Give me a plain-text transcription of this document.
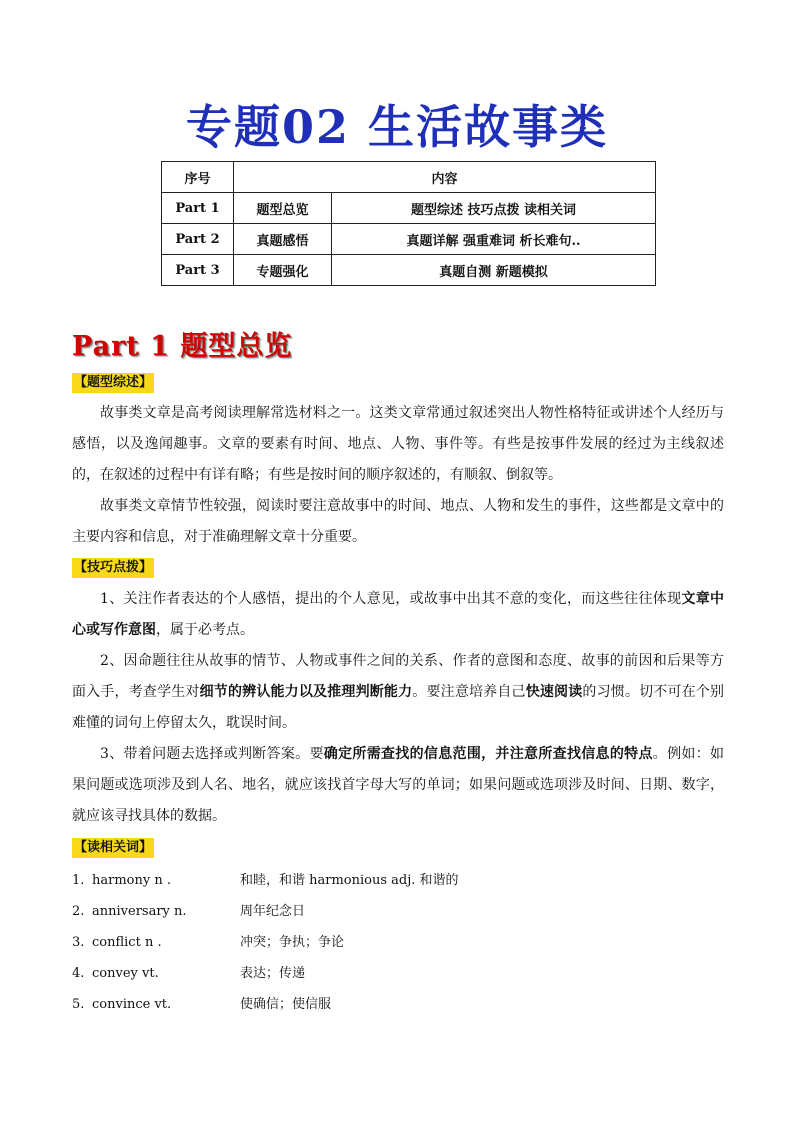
专题02 生活故事类
序号	内容	
Part 1	题型总览	题型综述 技巧点拨 读相关词
Part 2	真题感悟	真题详解 强重难词 析长难句..
Part 3	专题强化	真题自测 新题模拟
Part 1 题型总览
【题型综述】
故事类文章是高考阅读理解常选材料之一。这类文章常通过叙述突出人物性格特征或讲述个人经历与感悟，以及逸闻趣事。文章的要素有时间、地点、人物、事件等。有些是按事件发展的经过为主线叙述的，在叙述的过程中有详有略；有些是按时间的顺序叙述的，有顺叙、倒叙等。
故事类文章情节性较强，阅读时要注意故事中的时间、地点、人物和发生的事件，这些都是文章中的主要内容和信息，对于准确理解文章十分重要。
【技巧点拨】
1、关注作者表达的个人感悟，提出的个人意见，或故事中出其不意的变化，而这些往往体现文章中心或写作意图，属于必考点。
2、因命题往往从故事的情节、人物或事件之间的关系、作者的意图和态度、故事的前因和后果等方面入手，考查学生对细节的辨认能力以及推理判断能力。要注意培养自己快速阅读的习惯。切不可在个别难懂的词句上停留太久，耽误时间。
3、带着问题去选择或判断答案。要确定所需查找的信息范围，并注意所查找信息的特点。例如：如果问题或选项涉及到人名、地名，就应该找首字母大写的单词；如果问题或选项涉及时间、日期、数字，就应该寻找具体的数据。
【读相关词】
1. harmony n .	和睦，和谐 harmonious adj. 和谐的
2. anniversary n.	周年纪念日
3. conflict n .	冲突；争执；争论
4. convey vt.	表达；传递
5. convince vt.	使确信；使信服
